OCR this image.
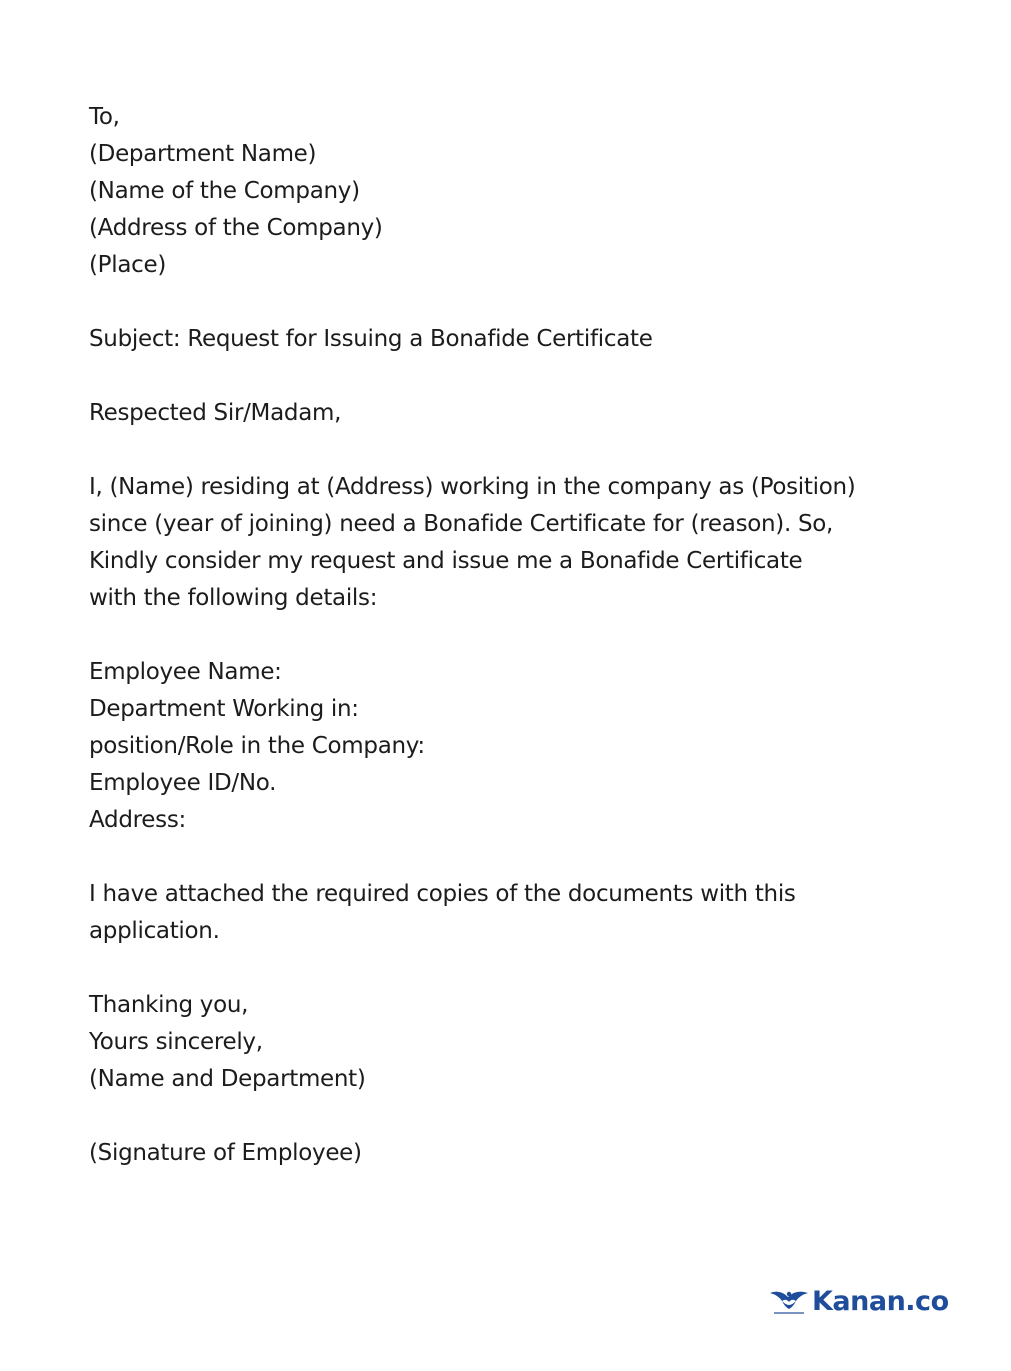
To,
(Department Name)
(Name of the Company)
(Address of the Company)
(Place)
Subject: Request for Issuing a Bonafide Certificate
Respected Sir/Madam,
I, (Name) residing at (Address) working in the company as (Position)
since (year of joining) need a Bonafide Certificate for (reason). So,
Kindly consider my request and issue me a Bonafide Certificate
with the following details:
Employee Name:
Department Working in:
position/Role in the Company:
Employee ID/No.
Address:
I have attached the required copies of the documents with this
application.
Thanking you,
Yours sincerely,
(Name and Department)
(Signature of Employee)
Kanan.co
